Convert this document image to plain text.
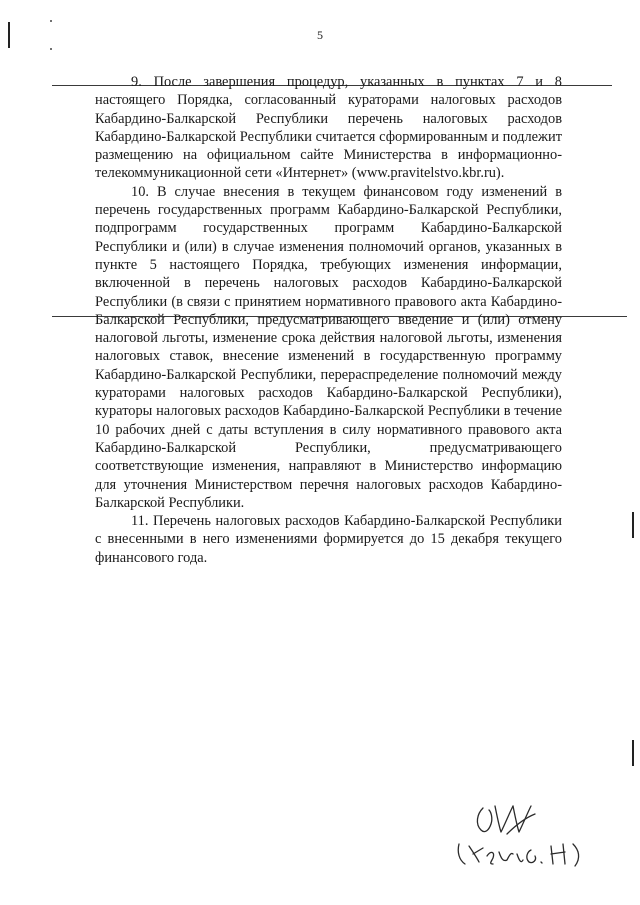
5

9. После завершения процедур, указанных в пунктах 7 и 8 настоящего Порядка, согласованный кураторами налоговых расходов Кабардино-Балкарской Республики перечень налоговых расходов Кабардино-Балкарской Республики считается сформированным и подлежит размещению на официальном сайте Министерства в информационно-телекоммуникационной сети «Интернет» (www.pravitelstvo.kbr.ru).

10. В случае внесения в текущем финансовом году изменений в перечень государственных программ Кабардино-Балкарской Республики, подпрограмм государственных программ Кабардино-Балкарской Республики и (или) в случае изменения полномочий органов, указанных в пункте 5 настоящего Порядка, требующих изменения информации, включенной в перечень налоговых расходов Кабардино-Балкарской Республики (в связи с принятием нормативного правового акта Кабардино-Балкарской Республики, предусматривающего введение и (или) отмену налоговой льготы, изменение срока действия налоговой льготы, изменения налоговых ставок, внесение изменений в государственную программу Кабардино-Балкарской Республики, перераспределение полномочий между кураторами налоговых расходов Кабардино-Балкарской Республики), кураторы налоговых расходов Кабардино-Балкарской Республики в течение 10 рабочих дней с даты вступления в силу нормативного правового акта Кабардино-Балкарской Республики,	предусматривающего соответствующие изменения, направляют в Министерство информацию для уточнения Министерством перечня налоговых расходов Кабардино-Балкарской Республики.

11. Перечень налоговых расходов Кабардино-Балкарской Республики с внесенными в него изменениями формируется до 15 декабря текущего финансового года.
